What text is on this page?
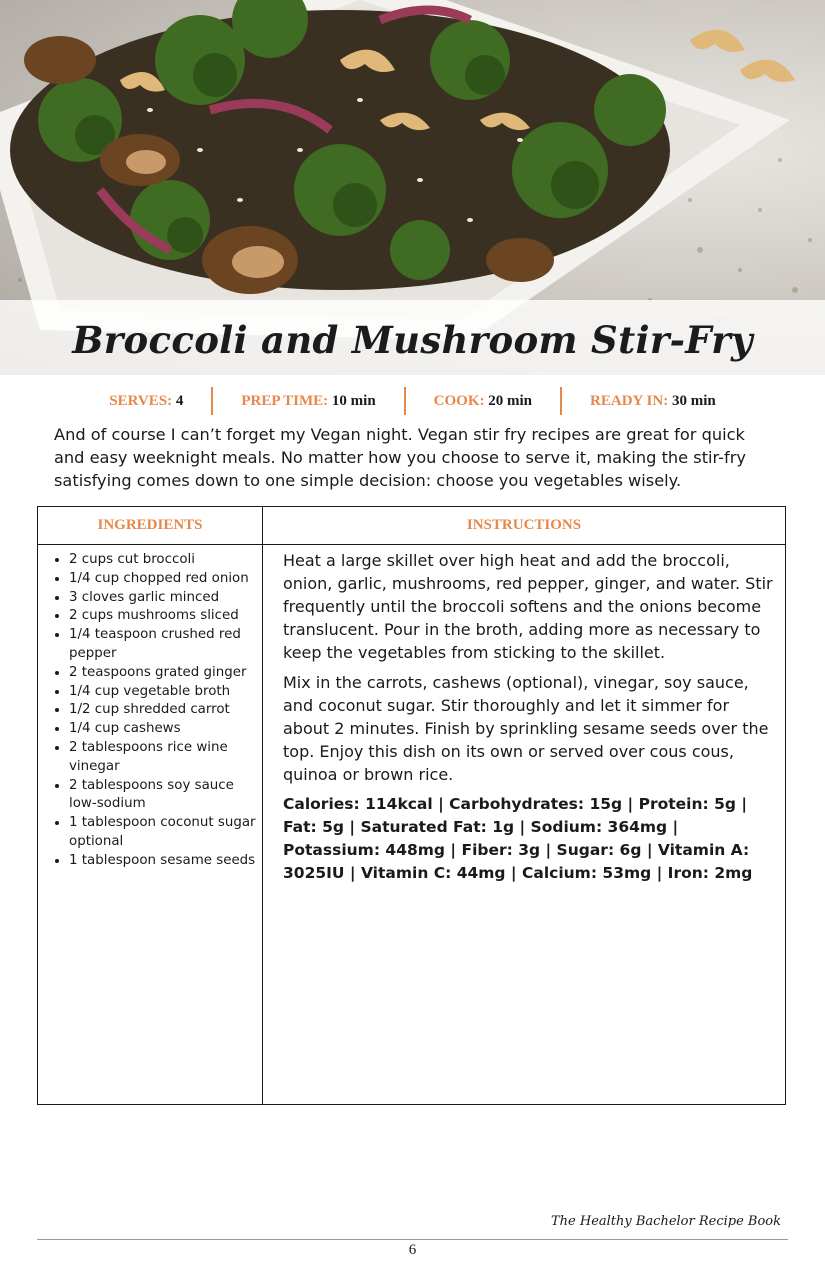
Broccoli and Mushroom Stir-Fry
SERVES: 4	PREP TIME: 10 min	COOK: 20 min	READY IN: 30 min

And of course I can’t forget my Vegan night. Vegan stir fry recipes are great for quick and easy weeknight meals. No matter how you choose to serve it, making the stir-fry satisfying comes down to one simple decision: choose you vegetables wisely.

INGREDIENTS	INSTRUCTIONS
• 2 cups cut broccoli
• 1/4 cup chopped red onion
• 3 cloves garlic minced
• 2 cups mushrooms sliced
• 1/4 teaspoon crushed red pepper
• 2 teaspoons grated ginger
• 1/4 cup vegetable broth
• 1/2 cup shredded carrot
• 1/4 cup cashews
• 2 tablespoons rice wine vinegar
• 2 tablespoons soy sauce low-sodium
• 1 tablespoon coconut sugar optional
• 1 tablespoon sesame seeds

Heat a large skillet over high heat and add the broccoli, onion, garlic, mushrooms, red pepper, ginger, and water. Stir frequently until the broccoli softens and the onions become translucent. Pour in the broth, adding more as necessary to keep the vegetables from sticking to the skillet.

Mix in the carrots, cashews (optional), vinegar, soy sauce, and coconut sugar. Stir thoroughly and let it simmer for about 2 minutes. Finish by sprinkling sesame seeds over the top. Enjoy this dish on its own or served over cous cous, quinoa or brown rice.

Calories: 114kcal | Carbohydrates: 15g | Protein: 5g | Fat: 5g | Saturated Fat: 1g | Sodium: 364mg | Potassium: 448mg | Fiber: 3g | Sugar: 6g | Vitamin A: 3025IU | Vitamin C: 44mg | Calcium: 53mg | Iron: 2mg

The Healthy Bachelor Recipe Book
6
